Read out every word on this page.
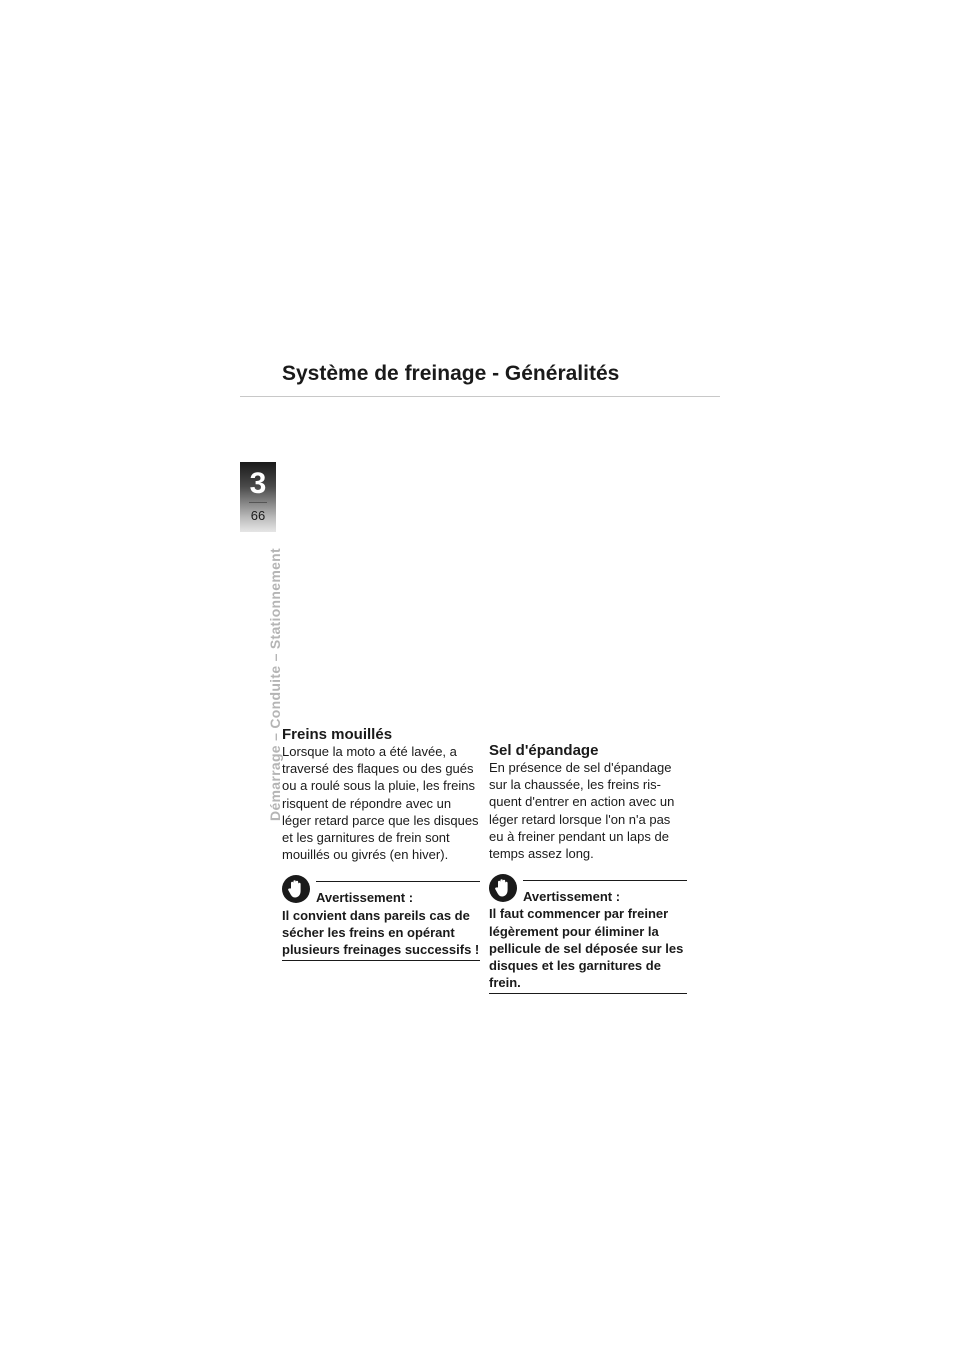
Système de freinage - Généralités
3
66
Démarrage – Conduite – Stationnement Freins mouillés

Lorsque la moto a été lavée, a traversé des flaques ou des gués ou a roulé sous la pluie, les freins risquent de répondre avec un léger retard parce que les disques et les garnitures de frein sont mouillés ou givrés (en hiver).

Avertissement :
Il convient dans pareils cas de sécher les freins en opérant plusieurs freinages successifs !
Sel d'épandage

En présence de sel d'épandage sur la chaussée, les freins ris- quent d'entrer en action avec un léger retard lorsque l'on n'a pas eu à freiner pendant un laps de temps assez long.

Avertissement :
Il faut commencer par freiner légèrement pour éliminer la pellicule de sel déposée sur les disques et les garnitures de frein.
